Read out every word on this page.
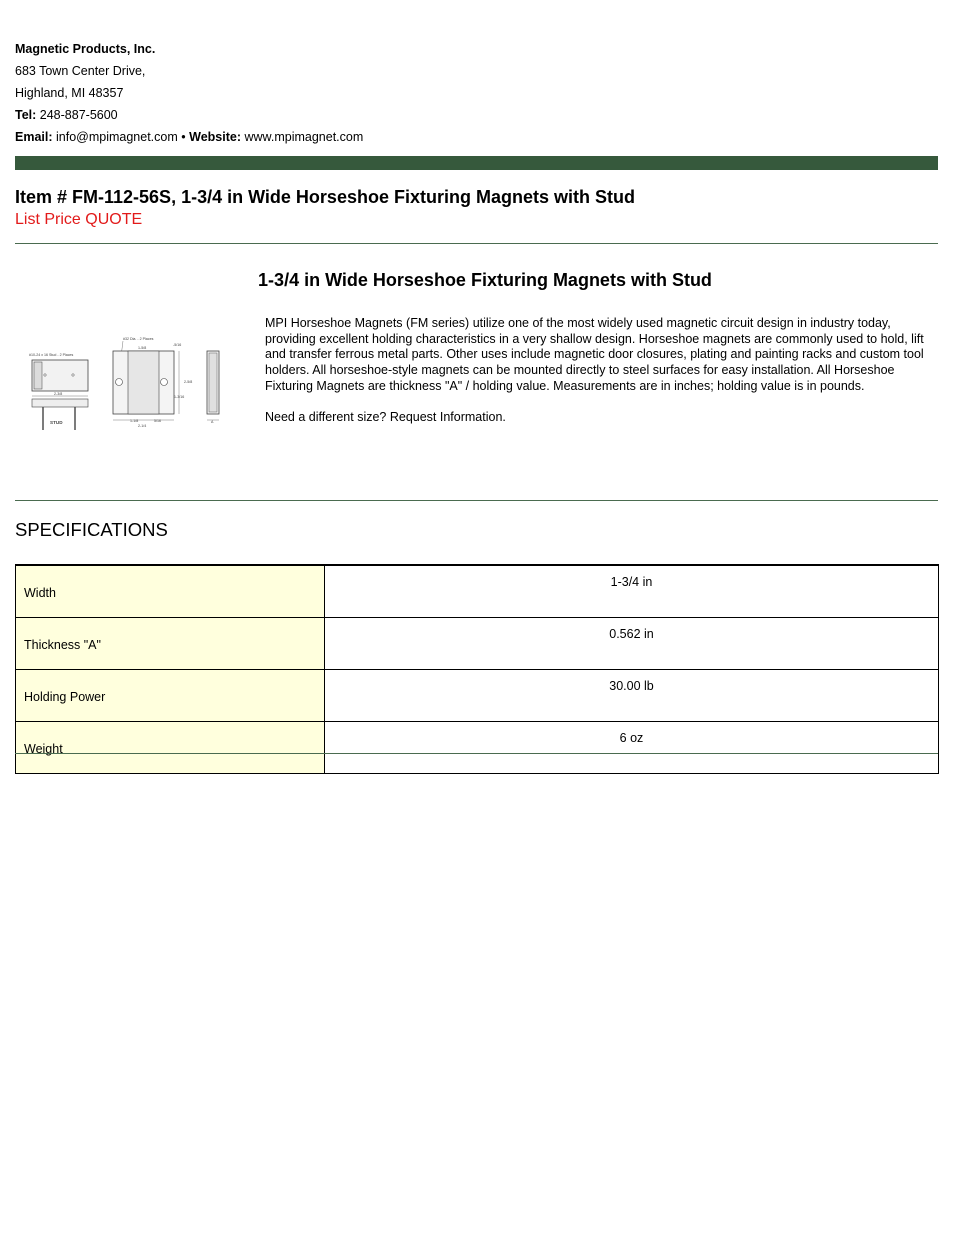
Magnetic Products, Inc.
683 Town Center Drive,
Highland, MI 48357
Tel: 248-887-5600
Email: info@mpimagnet.com • Website: www.mpimagnet.com
Item # FM-112-56S, 1-3/4 in Wide Horseshoe Fixturing Magnets with Stud
List Price QUOTE
1-3/4 in Wide Horseshoe Fixturing Magnets with Stud
#10-24 x 16 Stud - 2 Places
2-3/8
STUD
#32 Dia. - 2 Places
1-5/8
-5/16
2-5/8
1-3/16
1-1/8	5/16
2-1/4
A

MPI Horseshoe Magnets (FM series) utilize one of the most widely used magnetic circuit design in industry today, providing excellent holding characteristics in a very shallow design. Horseshoe magnets are commonly used to hold, lift and transfer ferrous metal parts. Other uses include magnetic door closures, plating and painting racks and custom tool holders. All horseshoe-style magnets can be mounted directly to steel surfaces for easy installation. All Horseshoe Fixturing Magnets are thickness "A" / holding value. Measurements are in inches; holding value is in pounds.

Need a different size? Request Information.

SPECIFICATIONS
Width	1-3/4 in
Thickness "A"	0.562 in
Holding Power	30.00 lb
Weight	6 oz
